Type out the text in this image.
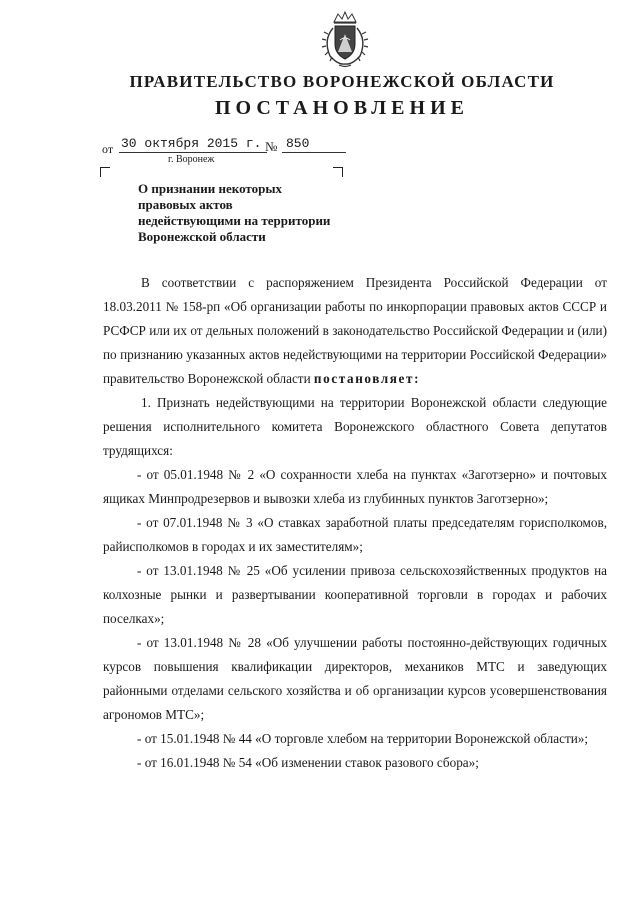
ПРАВИТЕЛЬСТВО ВОРОНЕЖСКОЙ ОБЛАСТИ
ПОСТАНОВЛЕНИЕ
от 30 октября 2015 г. № 850
г. Воронеж
О признании некоторых
правовых актов
недействующими на территории
Воронежской области

В соответствии с распоряжением Президента Российской Федерации от 18.03.2011 № 158-рп «Об организации работы по инкорпорации правовых актов СССР и РСФСР или их от дельных положений в законодательство Российской Федерации и (или) по признанию указанных актов недействующими на территории Российской Федерации» правительство Воронежской области постановляет:

1. Признать недействующими на территории Воронежской области следующие решения исполнительного комитета Воронежского областного Совета депутатов трудящихся:

- от 05.01.1948 № 2 «О сохранности хлеба на пунктах «Заготзерно» и почтовых ящиках Минпродрезервов и вывозки хлеба из глубинных пунктов Заготзерно»;

- от 07.01.1948 № 3 «О ставках заработной платы председателям горисполкомов, райисполкомов в городах и их заместителям»;

- от 13.01.1948 № 25 «Об усилении привоза сельскохозяйственных продуктов на колхозные рынки и развертывании кооперативной торговли в городах и рабочих поселках»;

- от 13.01.1948 № 28 «Об улучшении работы постоянно-действующих годичных курсов повышения квалификации директоров, механиков МТС и заведующих районными отделами сельского хозяйства и об организации курсов усовершенствования агрономов МТС»;

- от 15.01.1948 № 44 «О торговле хлебом на территории Воронежской области»;

- от 16.01.1948 № 54 «Об изменении ставок разового сбора»;
